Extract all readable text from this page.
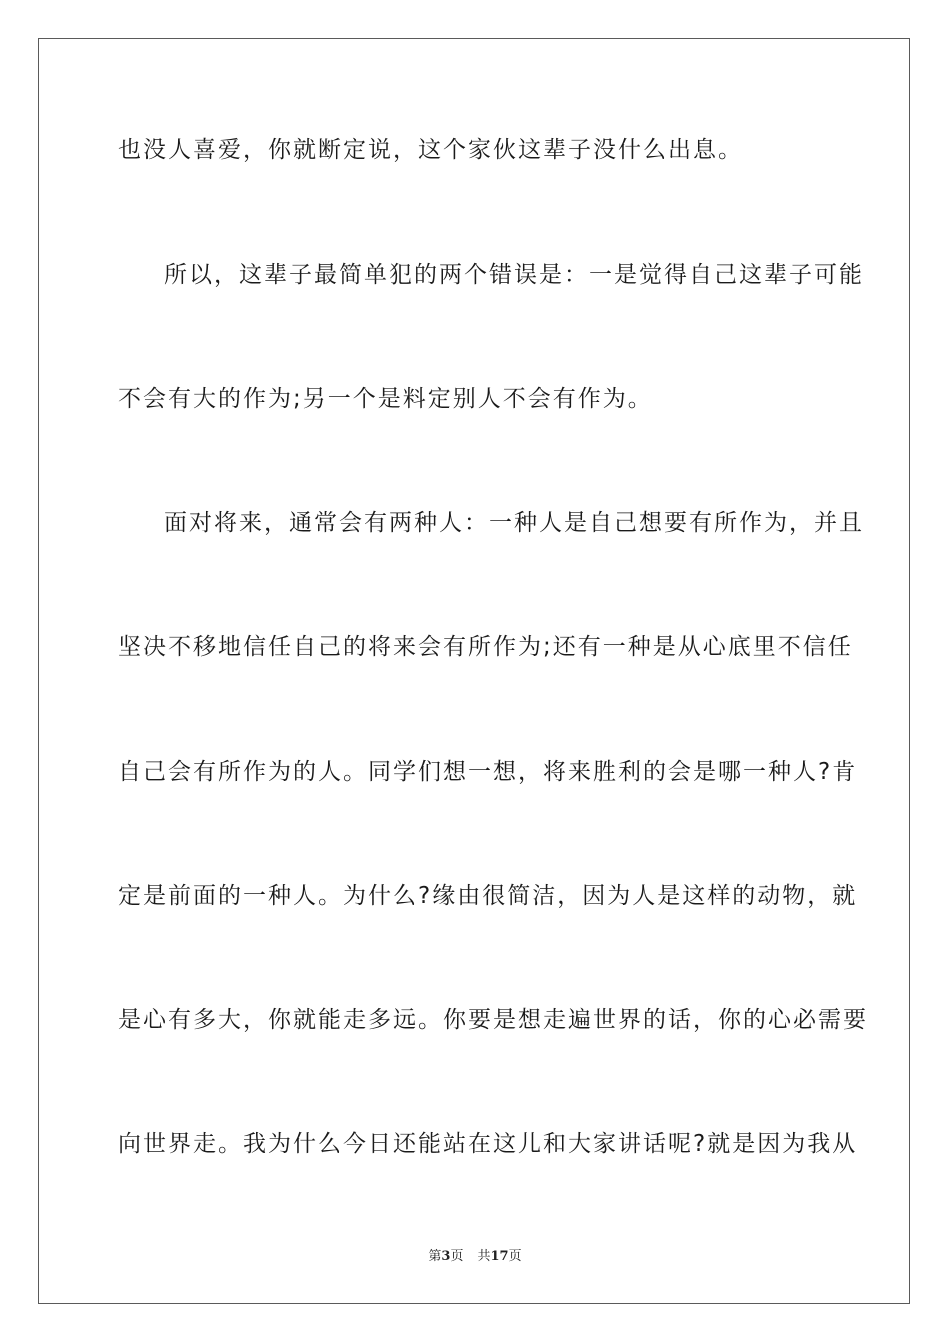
也没人喜爱，你就断定说，这个家伙这辈子没什么出息。
所以，这辈子最简单犯的两个错误是：一是觉得自己这辈子可能
不会有大的作为;另一个是料定别人不会有作为。
面对将来，通常会有两种人：一种人是自己想要有所作为，并且
坚决不移地信任自己的将来会有所作为;还有一种是从心底里不信任
自己会有所作为的人。同学们想一想，将来胜利的会是哪一种人?肯
定是前面的一种人。为什么?缘由很简洁，因为人是这样的动物，就
是心有多大，你就能走多远。你要是想走遍世界的话，你的心必需要
向世界走。我为什么今日还能站在这儿和大家讲话呢?就是因为我从
第3页 共17页
